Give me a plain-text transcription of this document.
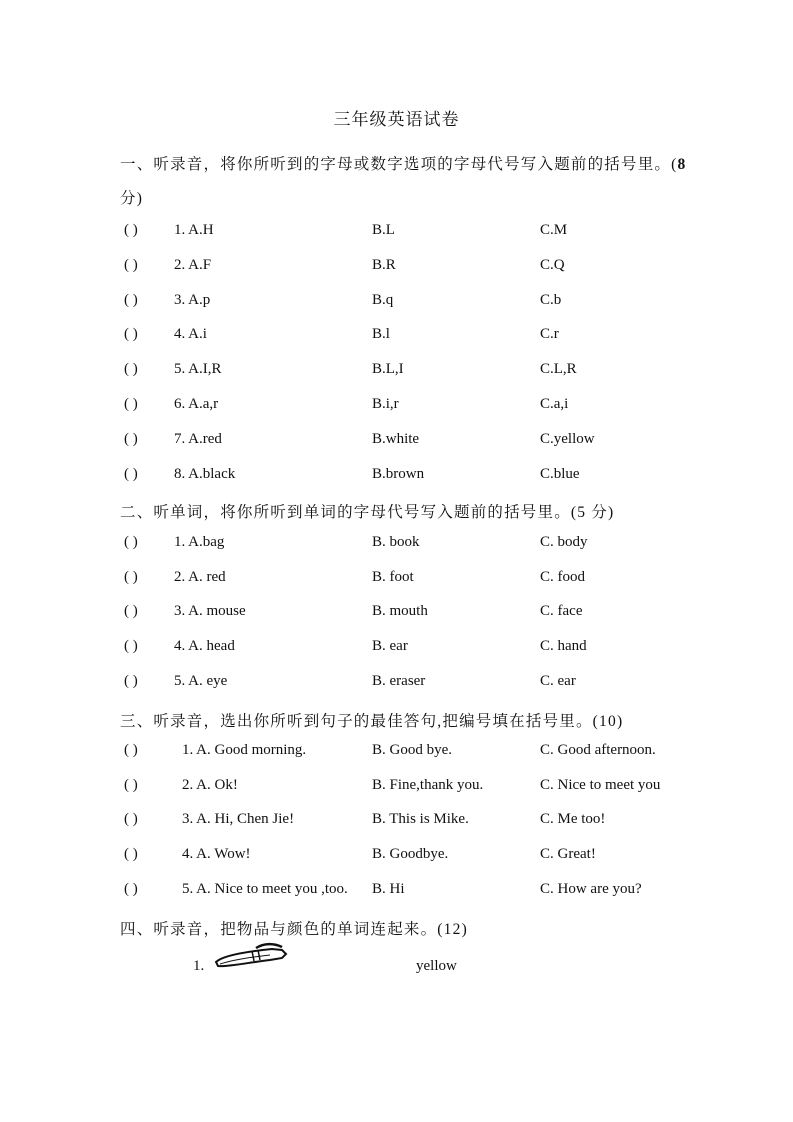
三年级英语试卷
一、听录音，将你所听到的字母或数字选项的字母代号写入题前的括号里。(8
分)
( ) 1. A.H	B.L	C.M
( ) 2. A.F	B.R	C.Q
( ) 3. A.p	B.q	C.b
( ) 4. A.i	B.l	C.r
( ) 5. A.I,R	B.L,I	C.L,R
( ) 6. A.a,r	B.i,r	C.a,i
( ) 7. A.red	B.white	C.yellow
( ) 8. A.black	B.brown	C.blue
二、听单词，将你所听到单词的字母代号写入题前的括号里。(5 分)
( ) 1. A.bag	B. book	C. body
( ) 2. A. red	B. foot	C. food
( ) 3. A. mouse	B. mouth	C. face
( ) 4. A. head	B. ear	C. hand
( ) 5. A. eye	B. eraser	C. ear
三、听录音，选出你所听到句子的最佳答句,把编号填在括号里。(10)
( )	1. A. Good morning.	B. Good bye.	C. Good afternoon.
( )	2. A. Ok!	B. Fine,thank you.	C. Nice to meet you
( )	3. A. Hi, Chen Jie!	B. This is Mike.	C. Me too!
( )	4. A. Wow!	B. Goodbye.	C. Great!
( )	5. A. Nice to meet you ,too. B. Hi	C. How are you?
四、听录音，把物品与颜色的单词连起来。(12)
1.	yellow
